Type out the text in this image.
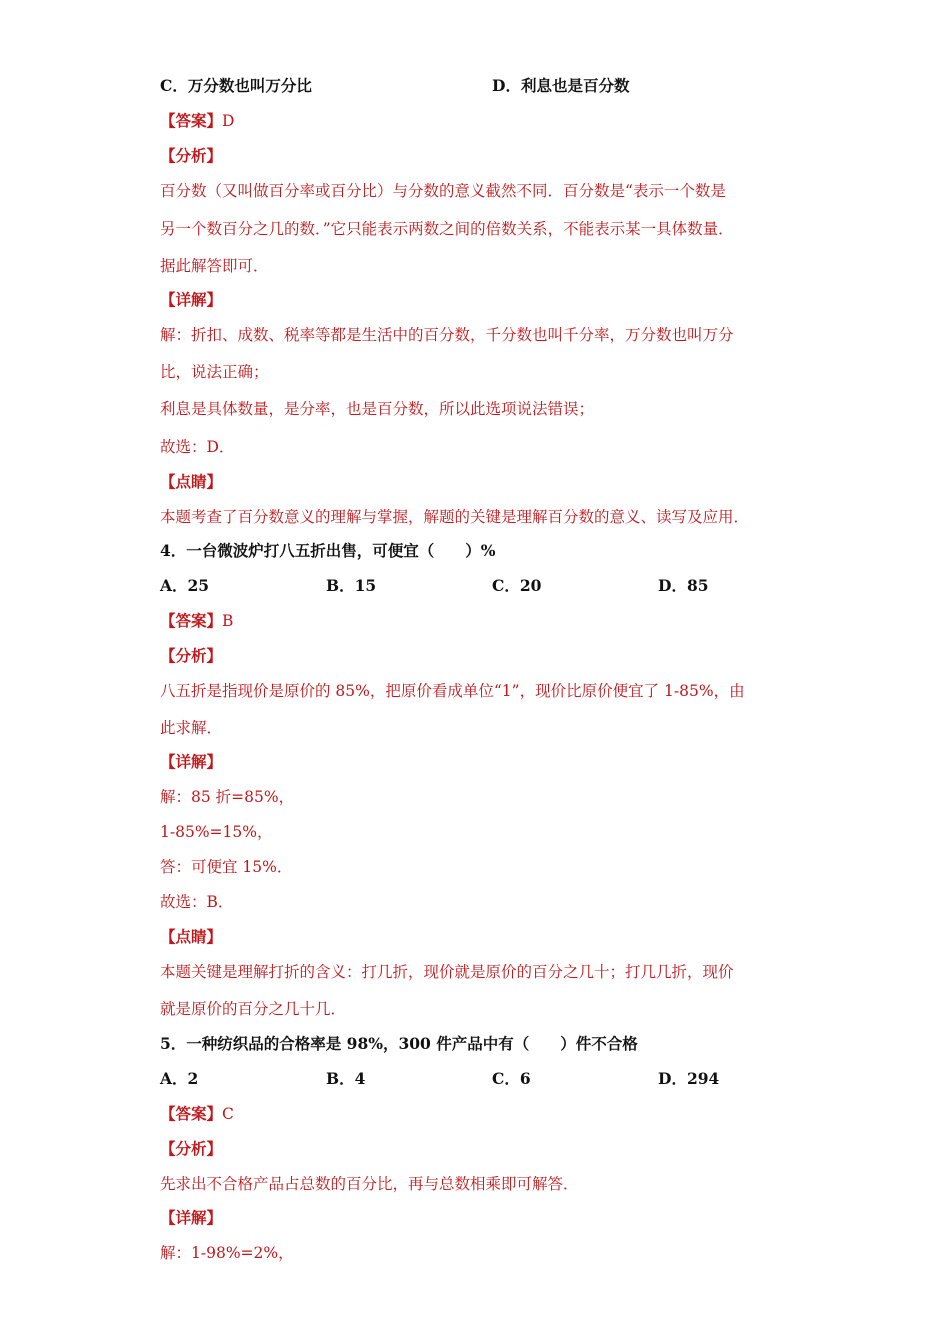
C．万分数也叫万分比	D．利息也是百分数
【答案】D
【分析】
百分数（又叫做百分率或百分比）与分数的意义截然不同．百分数是“表示一个数是
另一个数百分之几的数．”它只能表示两数之间的倍数关系，不能表示某一具体数量．
据此解答即可．
【详解】
解：折扣、成数、税率等都是生活中的百分数，千分数也叫千分率，万分数也叫万分
比，说法正确；
利息是具体数量，是分率，也是百分数，所以此选项说法错误；
故选：D．
【点睛】
本题考查了百分数意义的理解与掌握，解题的关键是理解百分数的意义、读写及应用．
4．一台微波炉打八五折出售，可便宜（　　）%
A．25	B．15	C．20	D．85
【答案】B
【分析】
八五折是指现价是原价的 85%，把原价看成单位“1”，现价比原价便宜了 1-85%，由
此求解．
【详解】
解：85 折=85%，
1-85%=15%，
答：可便宜 15%．
故选：B．
【点睛】
本题关键是理解打折的含义：打几折，现价就是原价的百分之几十；打几几折，现价
就是原价的百分之几十几．
5．一种纺织品的合格率是 98%，300 件产品中有（　　）件不合格
A．2	B．4	C．6	D．294
【答案】C
【分析】
先求出不合格产品占总数的百分比，再与总数相乘即可解答．
【详解】
解：1-98%=2%，
